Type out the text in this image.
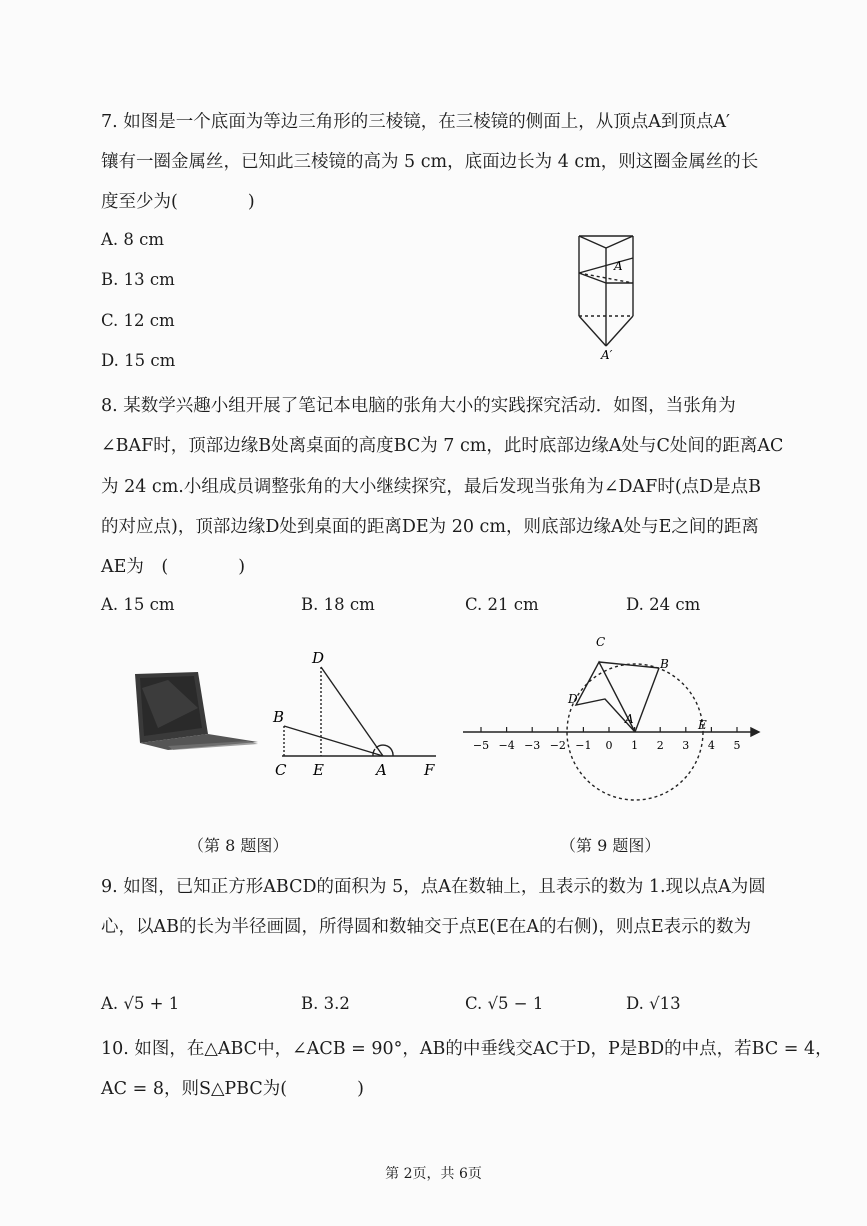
7. 如图是一个底面为等边三角形的三棱镜，在三棱镜的侧面上，从顶点A到顶点A′
镶有一圈金属丝，已知此三棱镜的高为 5 cm，底面边长为 4 cm，则这圈金属丝的长
度至少为(　　　　)
A. 8 cm
B. 13 cm
C. 12 cm
D. 15 cm
A
A′
8. 某数学兴趣小组开展了笔记本电脑的张角大小的实践探究活动．如图，当张角为
∠BAF时，顶部边缘B处离桌面的高度BC为 7 cm，此时底部边缘A处与C处间的距离AC
为 24 cm.小组成员调整张角的大小继续探究，最后发现当张角为∠DAF时(点D是点B
的对应点)，顶部边缘D处到桌面的距离DE为 20 cm，则底部边缘A处与E之间的距离
AE为　(　　　　)
A. 15 cm	B. 18 cm	C. 21 cm	D. 24 cm
D
B
C E	A F
−5 −4 −3 −2 −1 0 1 2 3 4 5
C
B
D
A	E
（第 8 题图）	（第 9 题图）
9. 如图，已知正方形ABCD的面积为 5，点A在数轴上，且表示的数为 1.现以点A为圆
心，以AB的长为半径画圆，所得圆和数轴交于点E(E在A的右侧)，则点E表示的数为
A. √5 + 1	B. 3.2	C. √5 − 1	D. √13
10. 如图，在△ABC中，∠ACB = 90°，AB的中垂线交AC于D，P是BD的中点，若BC = 4，
AC = 8，则S△PBC为(　　　　)
第 2页，共 6页
